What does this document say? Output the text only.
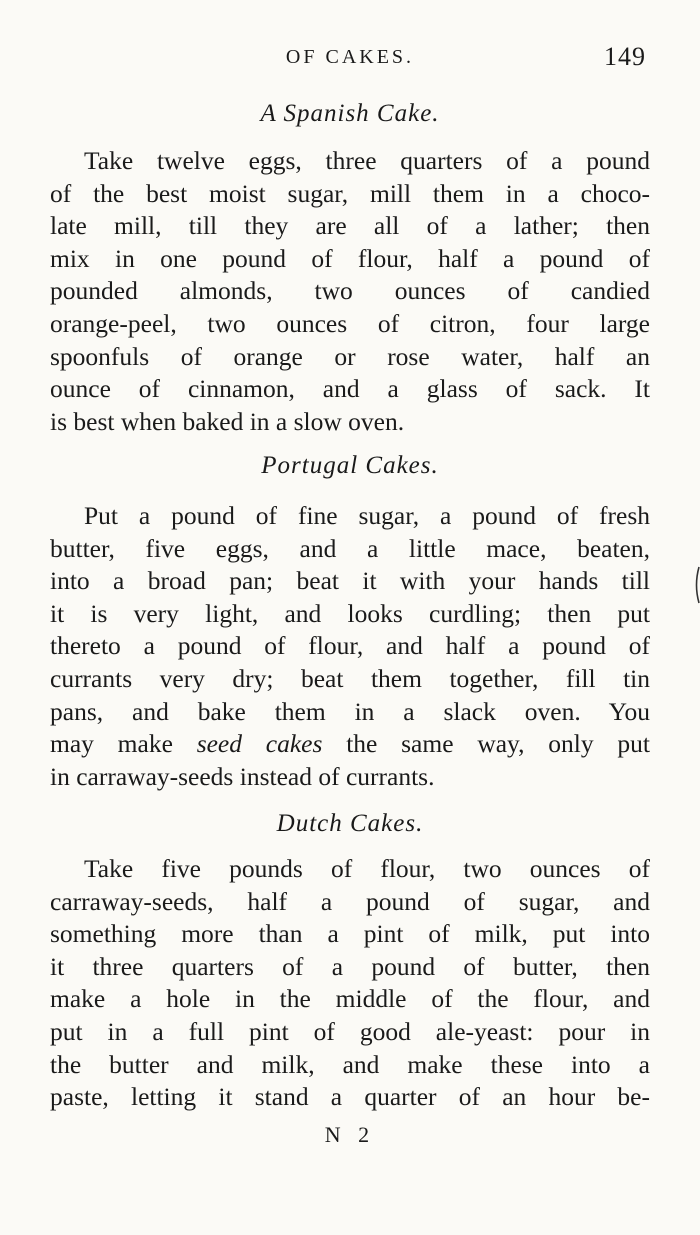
OF CAKES.	149
A Spanish Cake.

Take twelve eggs, three quarters of a pound
of the best moist sugar, mill them in a choco-
late mill, till they are all of a lather; then
mix in one pound of flour, half a pound of
pounded almonds, two ounces of candied
orange-peel, two ounces of citron, four large
spoonfuls of orange or rose water, half an
ounce of cinnamon, and a glass of sack. It
is best when baked in a slow oven.

Portugal Cakes.

Put a pound of fine sugar, a pound of fresh
butter, five eggs, and a little mace, beaten,
into a broad pan; beat it with your hands till
it is very light, and looks curdling; then put
thereto a pound of flour, and half a pound of
currants very dry; beat them together, fill tin
pans, and bake them in a slack oven. You
may make seed cakes the same way, only put
in carraway-seeds instead of currants.

Dutch Cakes.

Take five pounds of flour, two ounces of
carraway-seeds, half a pound of sugar, and
something more than a pint of milk, put into
it three quarters of a pound of butter, then
make a hole in the middle of the flour, and
put in a full pint of good ale-yeast: pour in
the butter and milk, and make these into a
paste, letting it stand a quarter of an hour be-

N 2
